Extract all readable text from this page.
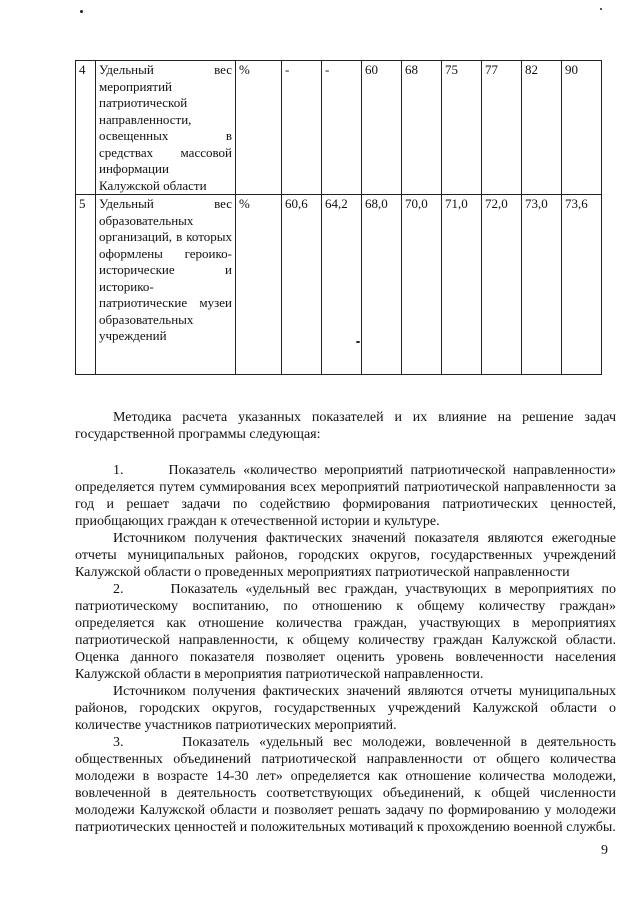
4	Удельный вес мероприятий патриотической направленности, освещенных в средствах массовой информации Калужской области	%	-	-	60	68	75	77	82	90
5	Удельный вес образовательных организаций, в которых оформлены героико-исторические и историко-патриотические музеи образовательных учреждений	%	60,6	64,2	68,0	70,0	71,0	72,0	73,0	73,6

Методика расчета указанных показателей и их влияние на решение задач государственной программы следующая:

1.      Показатель «количество мероприятий патриотической направленности» определяется путем суммирования всех мероприятий патриотической направленности за год и решает задачи по содействию формирования патриотических ценностей, приобщающих граждан к отечественной истории и культуре.

Источником получения фактических значений показателя являются ежегодные отчеты муниципальных районов, городских округов, государственных учреждений Калужской области о проведенных мероприятиях патриотической направленности

2.      Показатель «удельный вес граждан, участвующих в мероприятиях по патриотическому воспитанию, по отношению к общему количеству граждан» определяется как отношение количества граждан, участвующих в мероприятиях патриотической направленности, к общему количеству граждан Калужской области. Оценка данного показателя позволяет оценить уровень вовлеченности населения Калужской области в мероприятия патриотической направленности.

Источником получения фактических значений являются отчеты муниципальных районов, городских округов, государственных учреждений Калужской области о количестве участников патриотических мероприятий.

3.      Показатель «удельный вес молодежи, вовлеченной в деятельность общественных объединений патриотической направленности от общего количества молодежи в возрасте 14-30 лет» определяется как отношение количества молодежи, вовлеченной в деятельность соответствующих объединений, к общей численности молодежи Калужской области и позволяет решать задачу по формированию у молодежи патриотических ценностей и положительных мотиваций к прохождению военной службы.

9
